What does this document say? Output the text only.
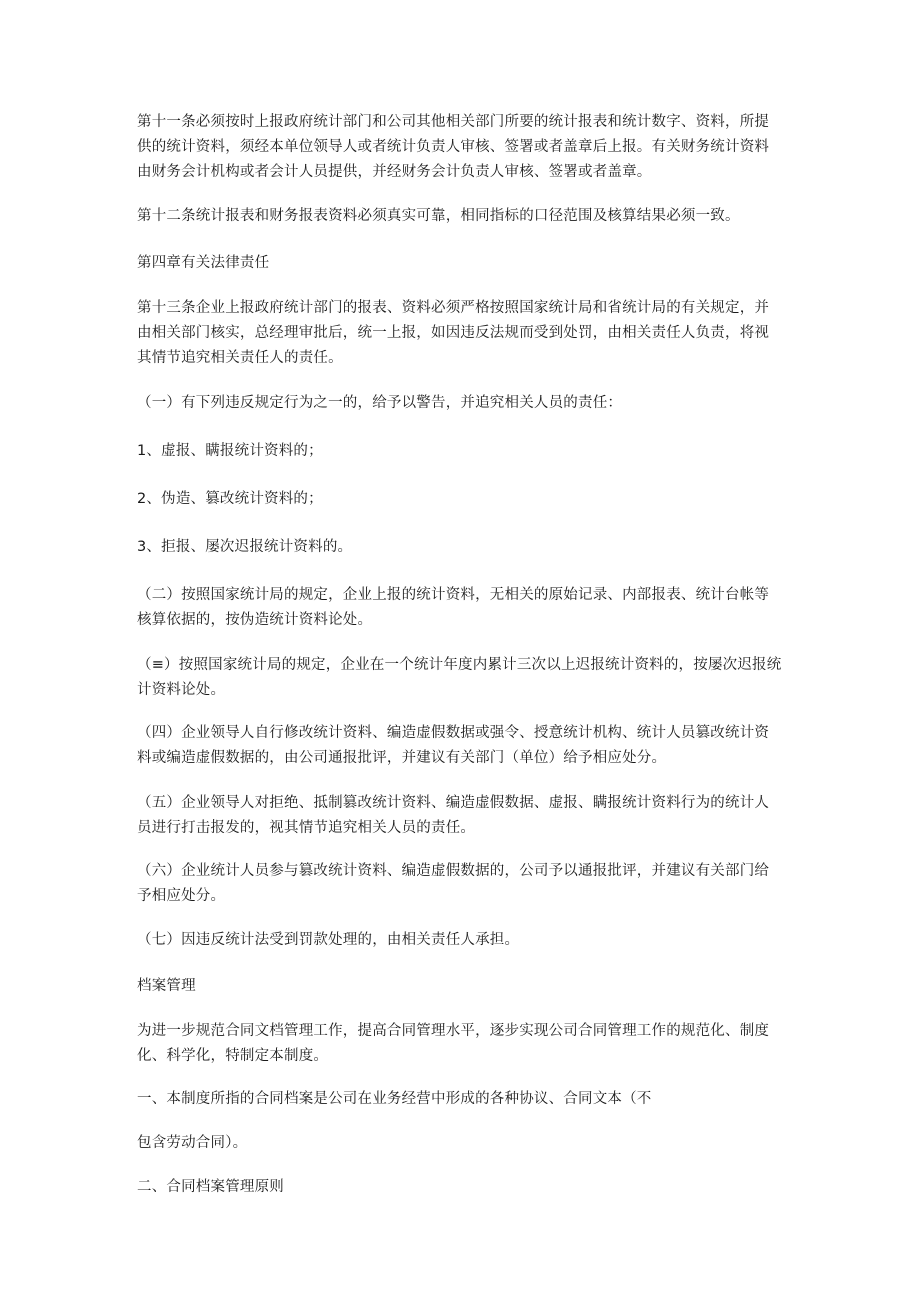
第十一条必须按时上报政府统计部门和公司其他相关部门所要的统计报表和统计数字、资料，所提供的统计资料，须经本单位领导人或者统计负责人审核、签署或者盖章后上报。有关财务统计资料由财务会计机构或者会计人员提供，并经财务会计负责人审核、签署或者盖章。

第十二条统计报表和财务报表资料必须真实可靠，相同指标的口径范围及核算结果必须一致。

第四章有关法律责任

第十三条企业上报政府统计部门的报表、资料必须严格按照国家统计局和省统计局的有关规定，并由相关部门核实，总经理审批后，统一上报，如因违反法规而受到处罚，由相关责任人负责，将视其情节追究相关责任人的责任。

（一）有下列违反规定行为之一的，给予以警告，并追究相关人员的责任：

1、虚报、瞒报统计资料的；

2、伪造、篡改统计资料的；

3、拒报、屡次迟报统计资料的。

（二）按照国家统计局的规定，企业上报的统计资料，无相关的原始记录、内部报表、统计台帐等核算依据的，按伪造统计资料论处。

（≡）按照国家统计局的规定，企业在一个统计年度内累计三次以上迟报统计资料的，按屡次迟报统计资料论处。

（四）企业领导人自行修改统计资料、编造虚假数据或强令、授意统计机构、统计人员篡改统计资料或编造虚假数据的，由公司通报批评，并建议有关部门（单位）给予相应处分。

（五）企业领导人对拒绝、抵制篡改统计资料、编造虚假数据、虚报、瞒报统计资料行为的统计人员进行打击报发的，视其情节追究相关人员的责任。

（六）企业统计人员参与篡改统计资料、编造虚假数据的，公司予以通报批评，并建议有关部门给予相应处分。

（七）因违反统计法受到罚款处理的，由相关责任人承担。

档案管理

为进一步规范合同文档管理工作，提高合同管理水平，逐步实现公司合同管理工作的规范化、制度化、科学化，特制定本制度。

一、本制度所指的合同档案是公司在业务经营中形成的各种协议、合同文本（不

包含劳动合同）。

二、合同档案管理原则
